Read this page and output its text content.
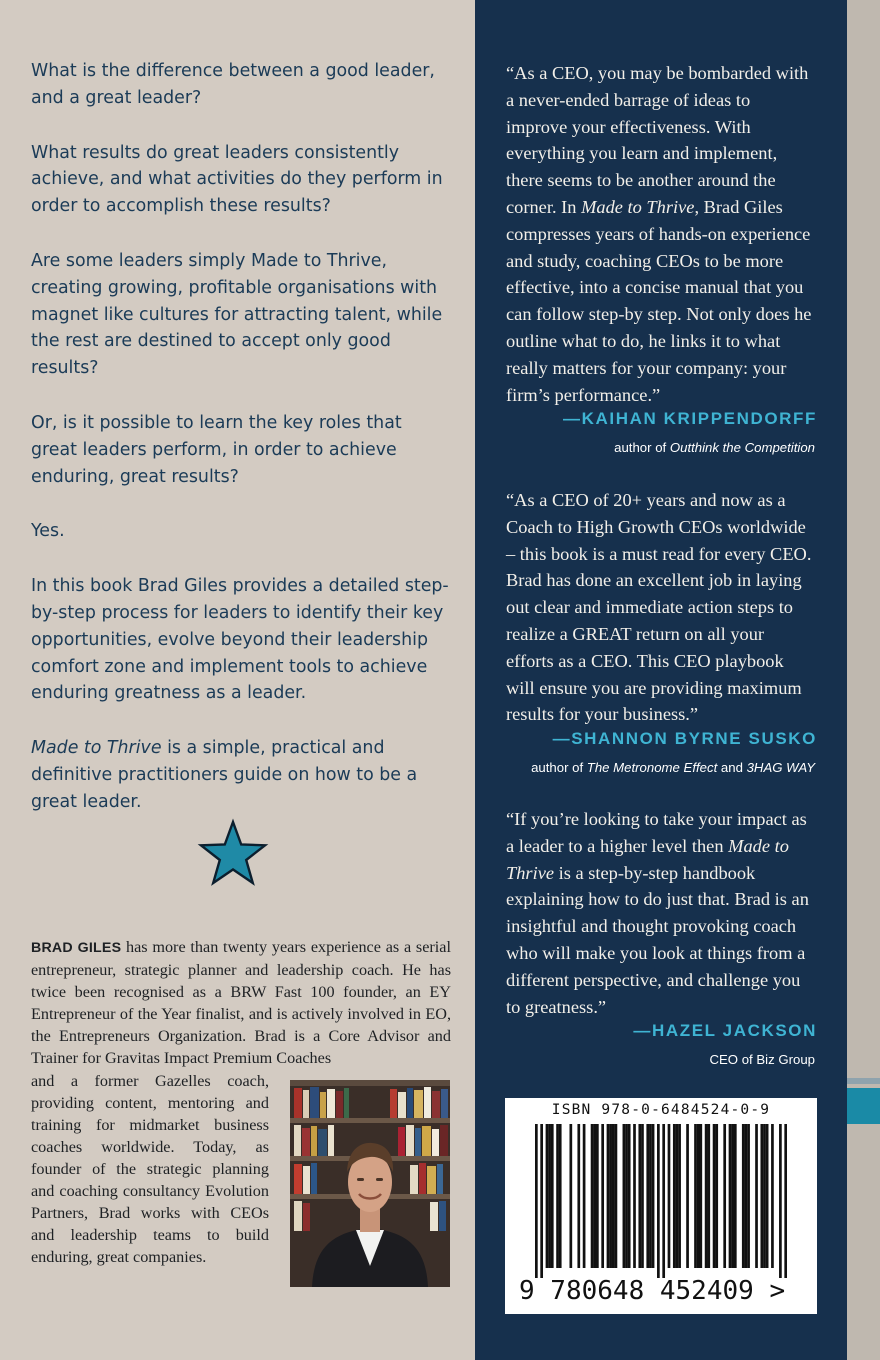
What is the difference between a good leader, and a great leader?

What results do great leaders consistently achieve, and what activities do they perform in order to accomplish these results?

Are some leaders simply Made to Thrive, creating growing, profitable organisations with magnet like cultures for attracting talent, while the rest are destined to accept only good results?

Or, is it possible to learn the key roles that great leaders perform, in order to achieve enduring, great results?

Yes.

In this book Brad Giles provides a detailed step-by-step process for leaders to identify their key opportunities, evolve beyond their leadership comfort zone and implement tools to achieve enduring greatness as a leader.

Made to Thrive is a simple, practical and definitive practitioners guide on how to be a great leader.

BRAD GILES has more than twenty years experience as a serial entrepreneur, strategic planner and leadership coach. He has twice been recognised as a BRW Fast 100 founder, an EY Entrepreneur of the Year finalist, and is actively involved in EO, the Entrepreneurs Organization. Brad is a Core Advisor and Trainer for Gravitas Impact Premium Coaches
and a former Gazelles coach, providing content, mentoring and training for midmarket business coaches worldwide. Today, as founder of the strategic planning and coaching consultancy Evolution Partners, Brad works with CEOs and leadership teams to build enduring, great companies.
“As a CEO, you may be bombarded with a never-ended barrage of ideas to improve your effectiveness. With everything you learn and implement, there seems to be another around the corner. In Made to Thrive, Brad Giles compresses years of hands-on experience and study, coaching CEOs to be more effective, into a concise manual that you can follow step-by step. Not only does he outline what to do, he links it to what really matters for your company: your firm’s performance.”
—KAIHAN KRIPPENDORFF
author of Outthink the Competition
“As a CEO of 20+ years and now as a Coach to High Growth CEOs worldwide – this book is a must read for every CEO. Brad has done an excellent job in laying out clear and immediate action steps to realize a GREAT return on all your efforts as a CEO. This CEO playbook will ensure you are providing maximum results for your business.”
—SHANNON BYRNE SUSKO
author of The Metronome Effect and 3HAG WAY
“If you’re looking to take your impact as a leader to a higher level then Made to Thrive is a step-by-step handbook explaining how to do just that. Brad is an insightful and thought provoking coach who will make you look at things from a different perspective, and challenge you to greatness.”
—HAZEL JACKSON
CEO of Biz Group
ISBN 978-0-6484524-0-9
9 780648 452409 >
